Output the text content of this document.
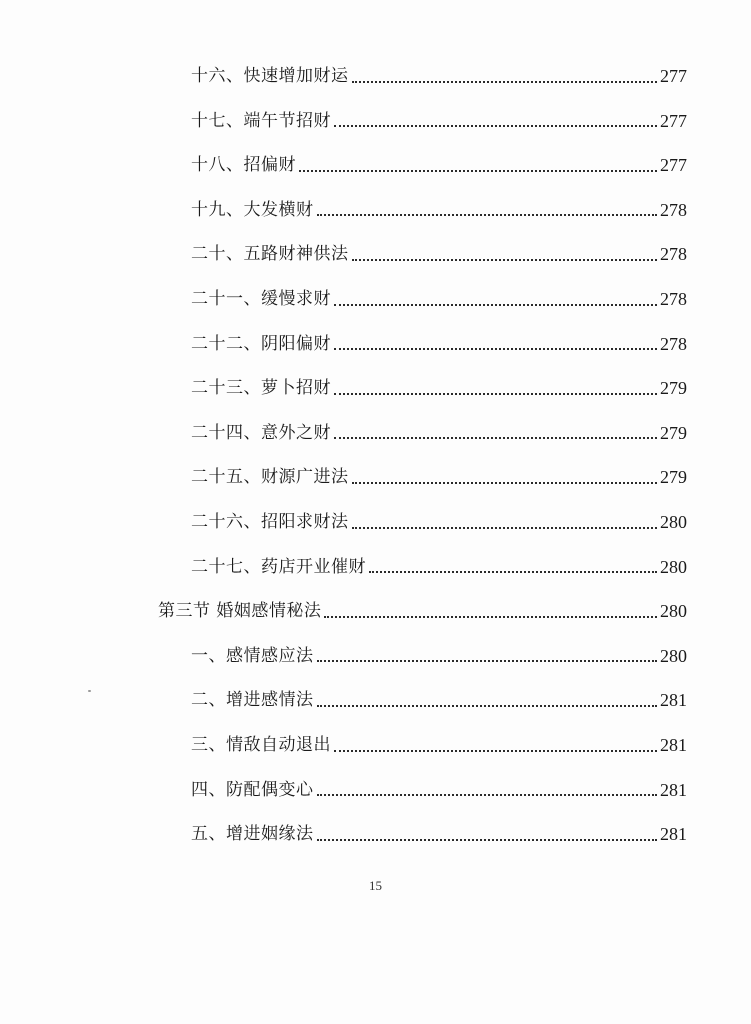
十六、快速增加财运	277
十七、端午节招财	277
十八、招偏财	277
十九、大发横财	278
二十、五路财神供法	278
二十一、缓慢求财	278
二十二、阴阳偏财	278
二十三、萝卜招财	279
二十四、意外之财	279
二十五、财源广进法	279
二十六、招阳求财法	280
二十七、药店开业催财	280
第三节 婚姻感情秘法	280
一、感情感应法	280
二、增进感情法	281
三、情敌自动退出	281
四、防配偶变心	281
五、增进姻缘法	281
15
